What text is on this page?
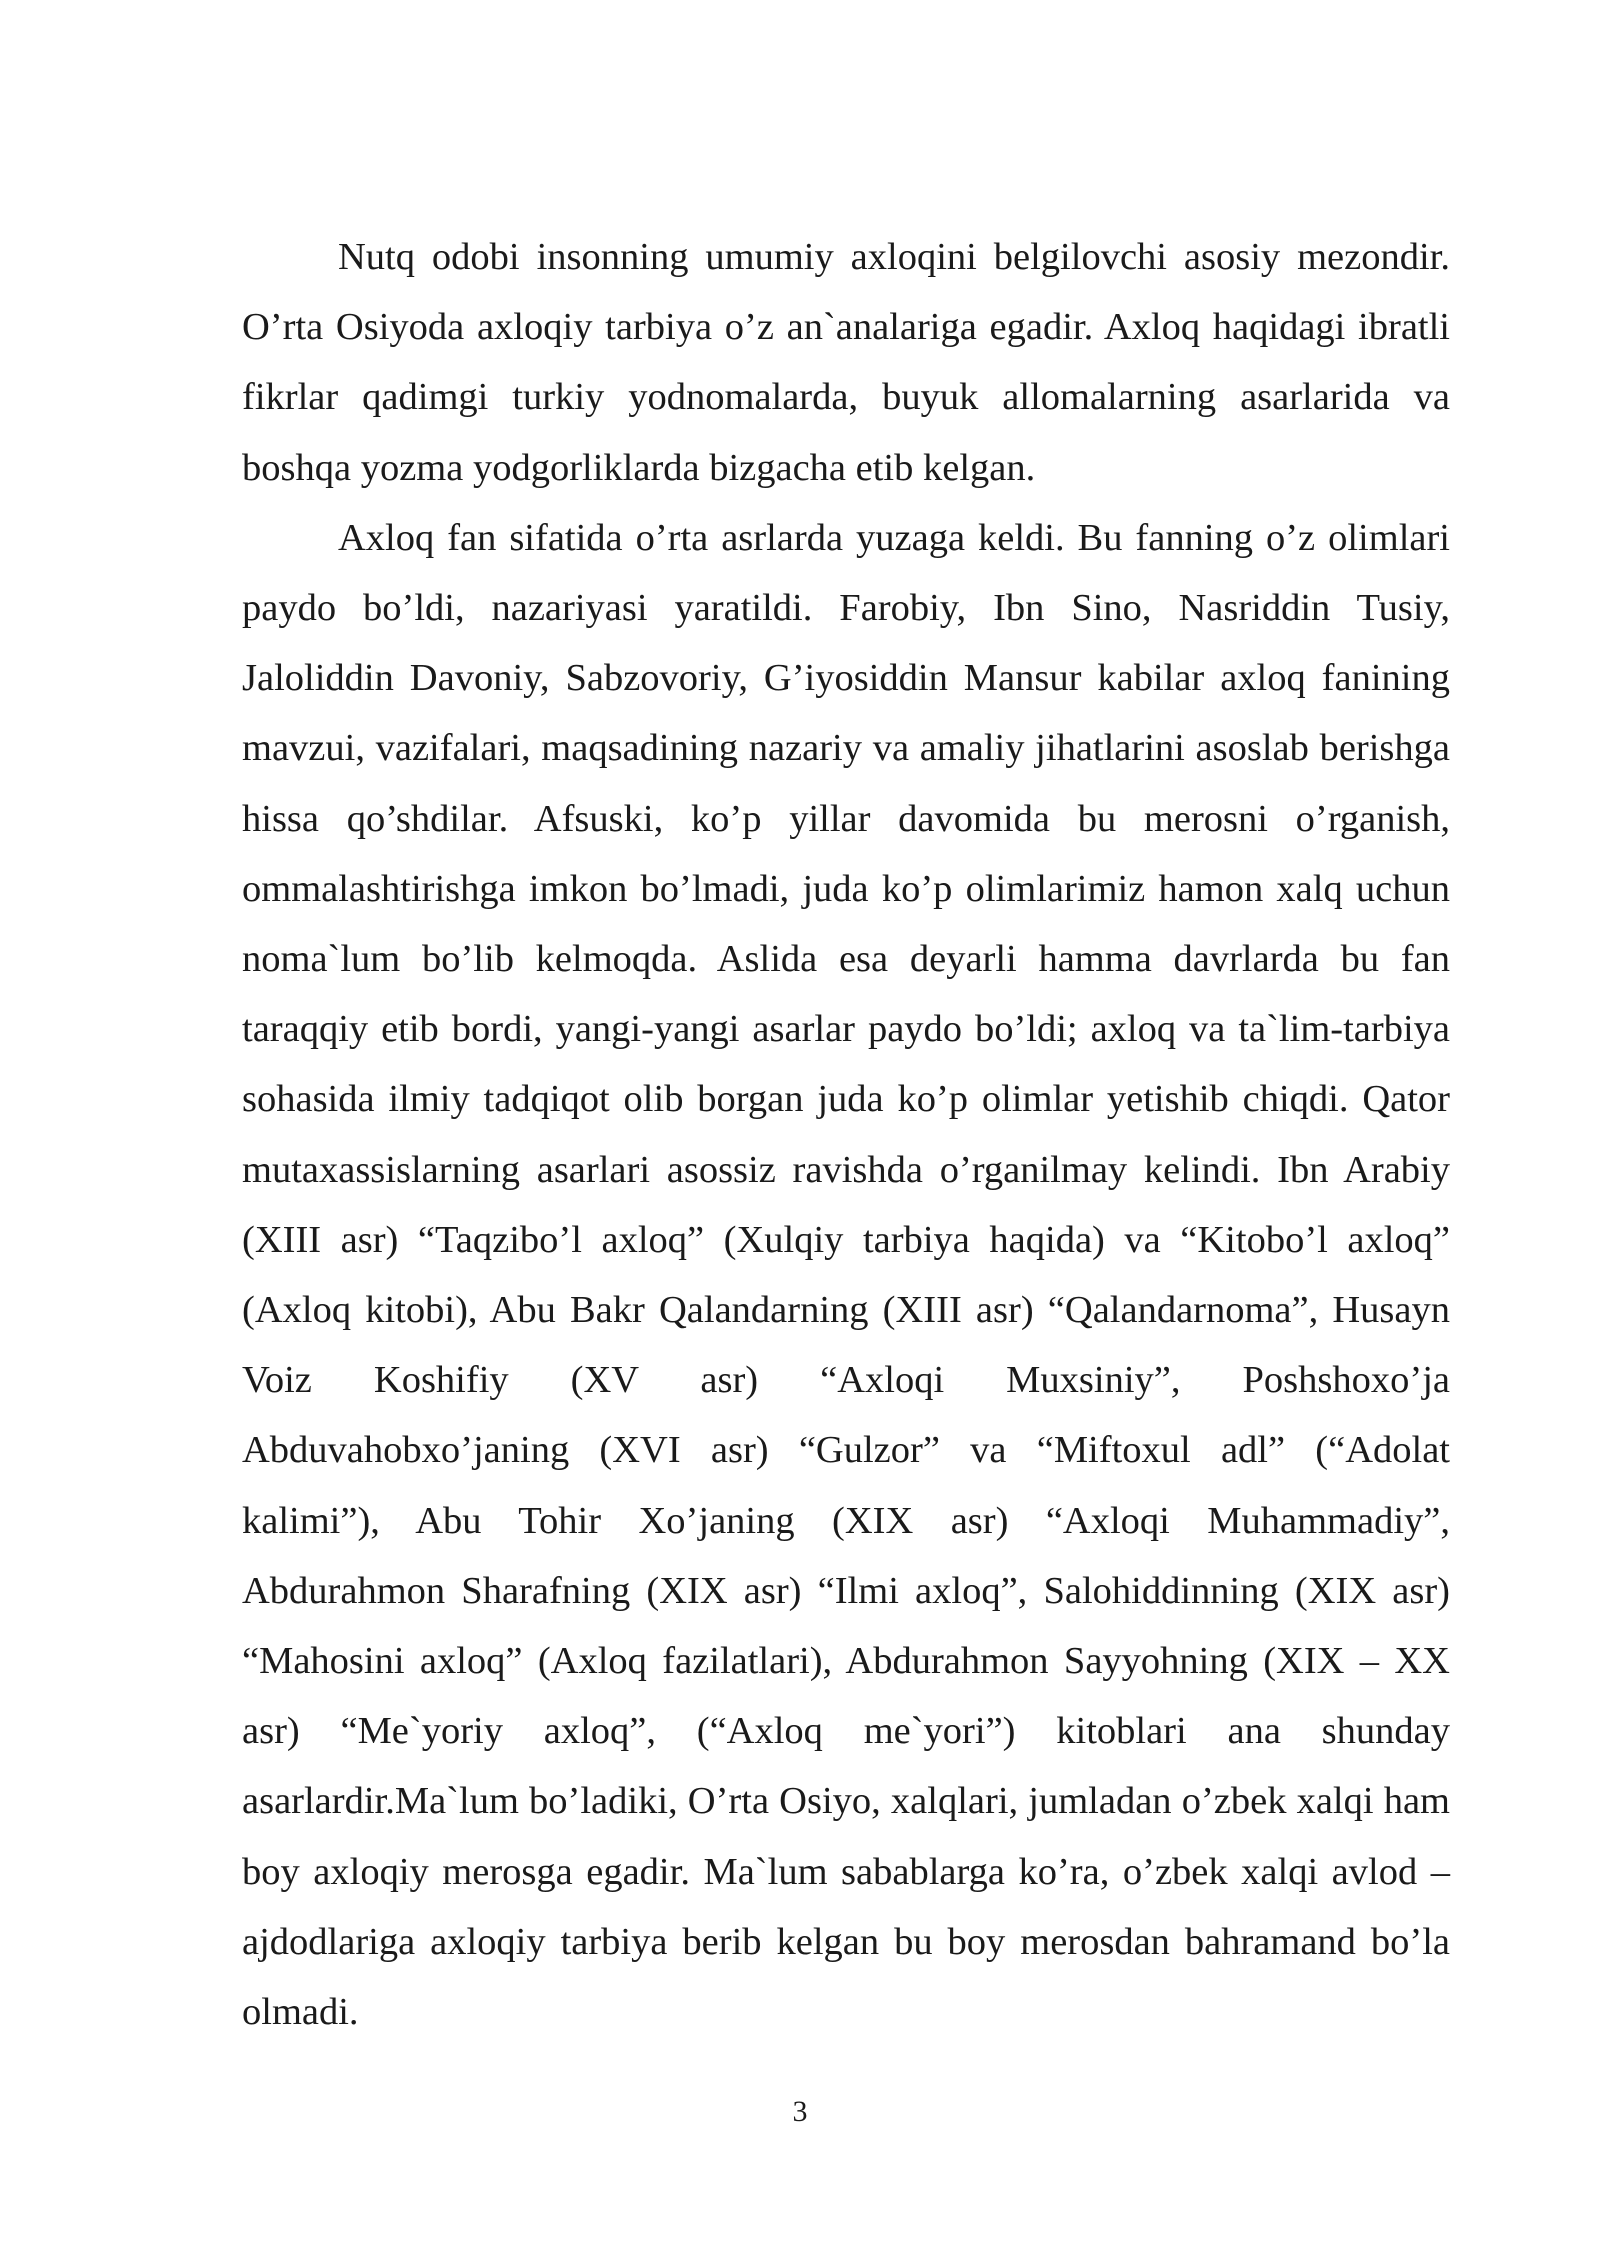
Nutq odobi insonning umumiy axloqini belgilovchi asosiy mezondir. O’rta Osiyoda axloqiy tarbiya o’z an`analariga egadir. Axloq haqidagi ibratli fikrlar qadimgi turkiy yodnomalarda, buyuk allomalarning asarlarida va boshqa yozma yodgorliklarda bizgacha etib kelgan.

Axloq fan sifatida o’rta asrlarda yuzaga keldi. Bu fanning o’z olimlari paydo bo’ldi, nazariyasi yaratildi. Farobiy, Ibn Sino, Nasriddin Tusiy, Jaloliddin Davoniy, Sabzovoriy, G’iyosiddin Mansur kabilar axloq fanining mavzui, vazifalari, maqsadining nazariy va amaliy jihatlarini asoslab berishga hissa qo’shdilar. Afsuski, ko’p yillar davomida bu merosni o’rganish, ommalashtirishga imkon bo’lmadi, juda ko’p olimlarimiz hamon xalq uchun noma`lum bo’lib kelmoqda. Aslida esa deyarli hamma davrlarda bu fan taraqqiy etib bordi, yangi-yangi asarlar paydo bo’ldi; axloq va ta`lim-tarbiya sohasida ilmiy tadqiqot olib borgan juda ko’p olimlar yetishib chiqdi. Qator mutaxassislarning asarlari asossiz ravishda o’rganilmay kelindi. Ibn Arabiy (XIII asr) “Taqzibo’l axloq” (Xulqiy tarbiya haqida) va “Kitobo’l axloq” (Axloq kitobi), Abu Bakr Qalandarning (XIII asr) “Qalandarnoma”, Husayn Voiz Koshifiy (XV asr) “Axloqi Muxsiniy”, Poshshoxo’ja Abduvahobxo’janing (XVI asr) “Gulzor” va “Miftoxul adl” (“Adolat kalimi”), Abu Tohir Xo’janing (XIX asr) “Axloqi Muhammadiy”, Abdurahmon Sharafning (XIX asr) “Ilmi axloq”, Salohiddinning (XIX asr) “Mahosini axloq” (Axloq fazilatlari), Abdurahmon Sayyohning (XIX – XX asr) “Me`yoriy axloq”, (“Axloq me`yori”) kitoblari ana shunday asarlardir.Ma`lum bo’ladiki, O’rta Osiyo, xalqlari, jumladan o’zbek xalqi ham boy axloqiy merosga egadir. Ma`lum sabablarga ko’ra, o’zbek xalqi avlod – ajdodlariga axloqiy tarbiya berib kelgan bu boy merosdan bahramand bo’la olmadi.

3
